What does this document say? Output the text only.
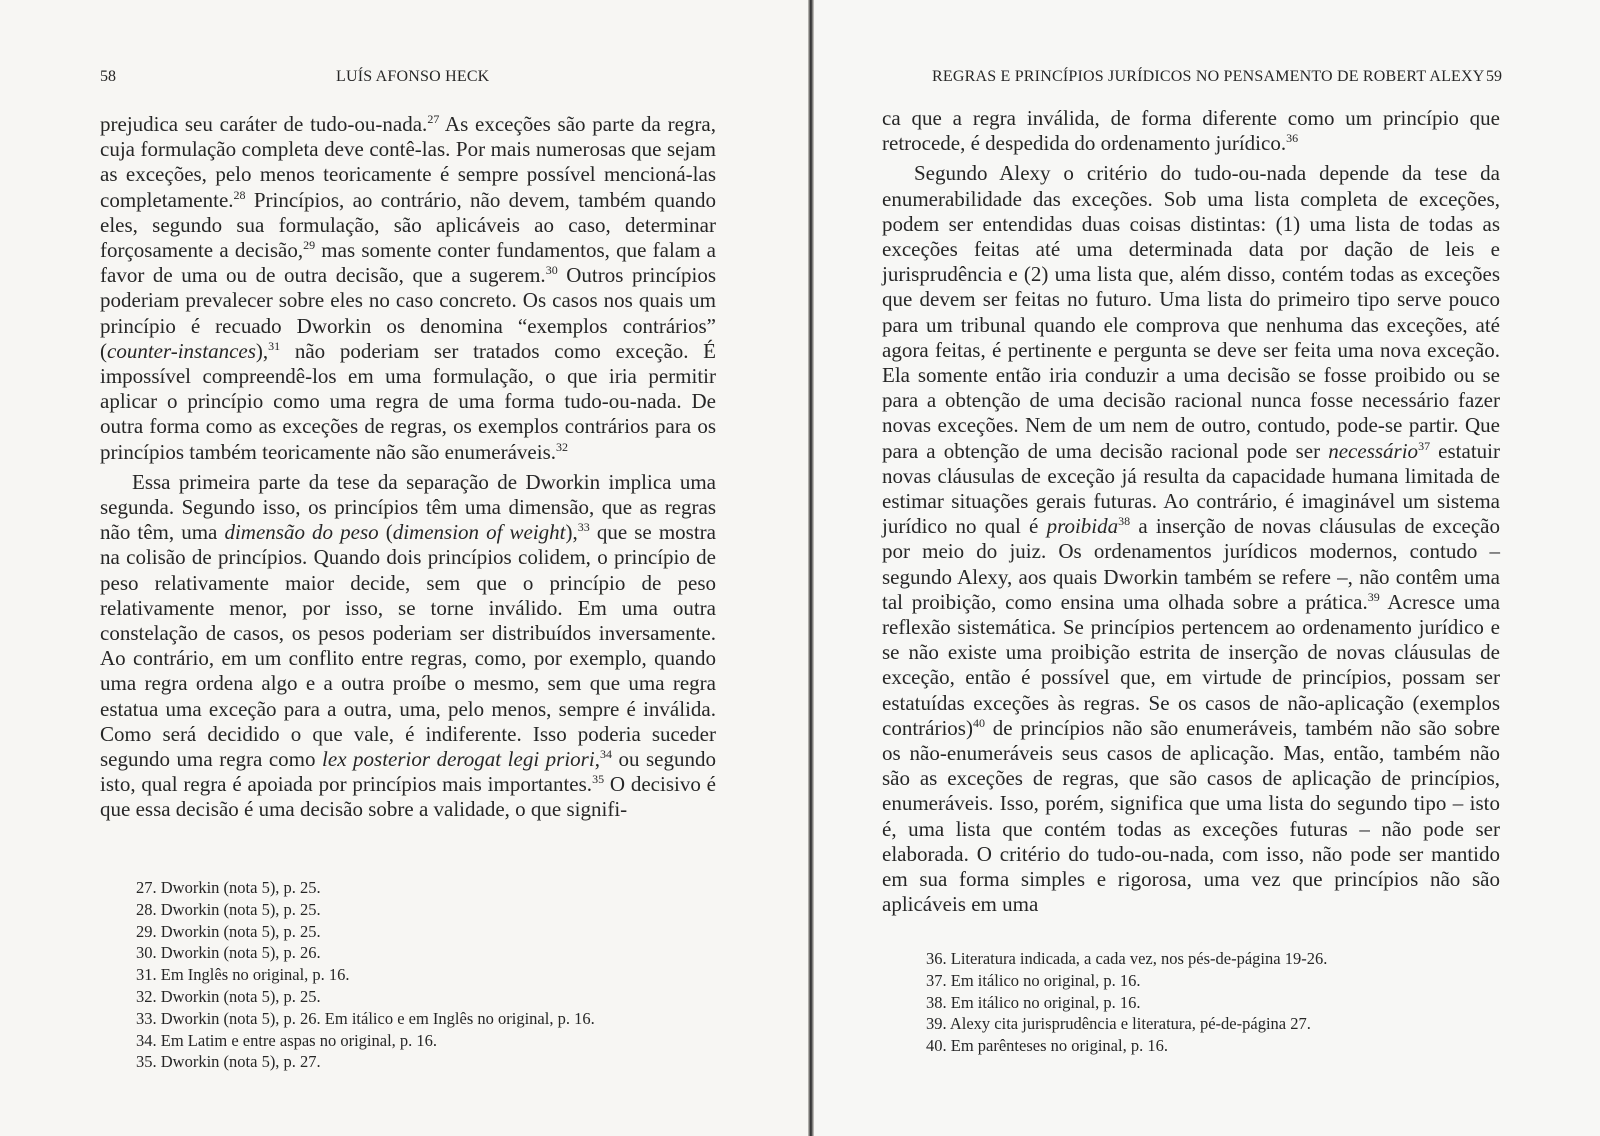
58	LUÍS AFONSO HECK

prejudica seu caráter de tudo-ou-nada.$^{27}$ As exceções são parte da regra, cuja formulação completa deve contê-las. Por mais numerosas que sejam as exceções, pelo menos teoricamente é sempre possível mencioná-las completamente.$^{28}$ Princípios, ao contrário, não devem, também quando eles, segundo sua formulação, são aplicáveis ao caso, determinar forçosamente a decisão,$^{29}$ mas somente conter fundamentos, que falam a favor de uma ou de outra decisão, que a sugerem.$^{30}$ Outros princípios poderiam prevalecer sobre eles no caso concreto. Os casos nos quais um princípio é recuado Dworkin os denomina “exemplos contrários” (counter-instances),$^{31}$ não poderiam ser tratados como exceção. É impossível compreendê-los em uma formulação, o que iria permitir aplicar o princípio como uma regra de uma forma tudo-ou-nada. De outra forma como as exceções de regras, os exemplos contrários para os princípios também teoricamente não são enumeráveis.$^{32}$

Essa primeira parte da tese da separação de Dworkin implica uma segunda. Segundo isso, os princípios têm uma dimensão, que as regras não têm, uma dimensão do peso (dimension of weight),$^{33}$ que se mostra na colisão de princípios. Quando dois princípios colidem, o princípio de peso relativamente maior decide, sem que o princípio de peso relativamente menor, por isso, se torne inválido. Em uma outra constelação de casos, os pesos poderiam ser distribuídos inversamente. Ao contrário, em um conflito entre regras, como, por exemplo, quando uma regra ordena algo e a outra proíbe o mesmo, sem que uma regra estatua uma exceção para a outra, uma, pelo menos, sempre é inválida. Como será decidido o que vale, é indiferente. Isso poderia suceder segundo uma regra como lex posterior derogat legi priori,$^{34}$ ou segundo isto, qual regra é apoiada por princípios mais importantes.$^{35}$ O decisivo é que essa decisão é uma decisão sobre a validade, o que signifi-

27. Dworkin (nota 5), p. 25.
28. Dworkin (nota 5), p. 25.
29. Dworkin (nota 5), p. 25.
30. Dworkin (nota 5), p. 26.
31. Em Inglês no original, p. 16.
32. Dworkin (nota 5), p. 25.
33. Dworkin (nota 5), p. 26. Em itálico e em Inglês no original, p. 16.
34. Em Latim e entre aspas no original, p. 16.
35. Dworkin (nota 5), p. 27.
REGRAS E PRINCÍPIOS JURÍDICOS NO PENSAMENTO DE ROBERT ALEXY 59

ca que a regra inválida, de forma diferente como um princípio que retrocede, é despedida do ordenamento jurídico.$^{36}$

Segundo Alexy o critério do tudo-ou-nada depende da tese da enumerabilidade das exceções. Sob uma lista completa de exceções, podem ser entendidas duas coisas distintas: (1) uma lista de todas as exceções feitas até uma determinada data por dação de leis e jurisprudência e (2) uma lista que, além disso, contém todas as exceções que devem ser feitas no futuro. Uma lista do primeiro tipo serve pouco para um tribunal quando ele comprova que nenhuma das exceções, até agora feitas, é pertinente e pergunta se deve ser feita uma nova exceção. Ela somente então iria conduzir a uma decisão se fosse proibido ou se para a obtenção de uma decisão racional nunca fosse necessário fazer novas exceções. Nem de um nem de outro, contudo, pode-se partir. Que para a obtenção de uma decisão racional pode ser necessário$^{37}$ estatuir novas cláusulas de exceção já resulta da capacidade humana limitada de estimar situações gerais futuras. Ao contrário, é imaginável um sistema jurídico no qual é proibida$^{38}$ a inserção de novas cláusulas de exceção por meio do juiz. Os ordenamentos jurídicos modernos, contudo – segundo Alexy, aos quais Dworkin também se refere –, não contêm uma tal proibição, como ensina uma olhada sobre a prática.$^{39}$ Acresce uma reflexão sistemática. Se princípios pertencem ao ordenamento jurídico e se não existe uma proibição estrita de inserção de novas cláusulas de exceção, então é possível que, em virtude de princípios, possam ser estatuídas exceções às regras. Se os casos de não-aplicação (exemplos contrários)$^{40}$ de princípios não são enumeráveis, também não são sobre os não-enumeráveis seus casos de aplicação. Mas, então, também não são as exceções de regras, que são casos de aplicação de princípios, enumeráveis. Isso, porém, significa que uma lista do segundo tipo – isto é, uma lista que contém todas as exceções futuras – não pode ser elaborada. O critério do tudo-ou-nada, com isso, não pode ser mantido em sua forma simples e rigorosa, uma vez que princípios não são aplicáveis em uma

36. Literatura indicada, a cada vez, nos pés-de-página 19-26.
37. Em itálico no original, p. 16.
38. Em itálico no original, p. 16.
39. Alexy cita jurisprudência e literatura, pé-de-página 27.
40. Em parênteses no original, p. 16.
